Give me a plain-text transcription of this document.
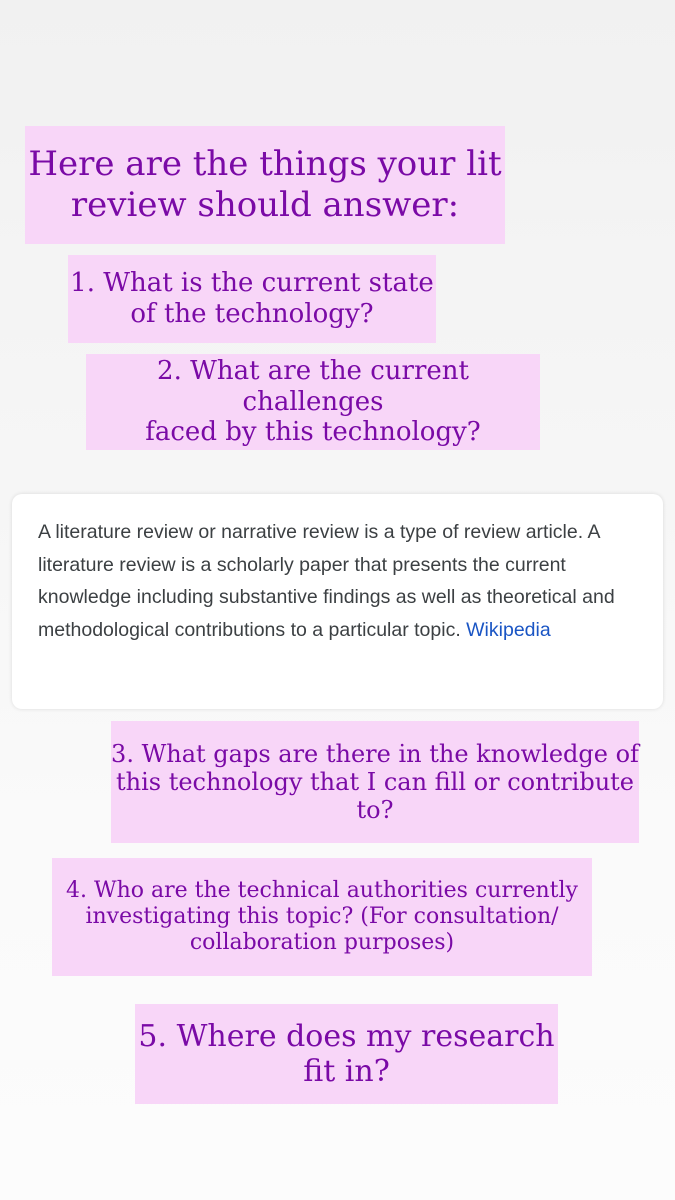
Here are the things your lit
review should answer:
1. What is the current state
of the technology?
2. What are the current challenges
faced by this technology?
A literature review or narrative review is a type of review article. A literature review is a scholarly paper that presents the current knowledge including substantive findings as well as theoretical and methodological contributions to a particular topic. Wikipedia
3. What gaps are there in the knowledge of
this technology that I can fill or contribute
to?
4. Who are the technical authorities currently
investigating this topic? (For consultation/
collaboration purposes)
5. Where does my research
fit in?
